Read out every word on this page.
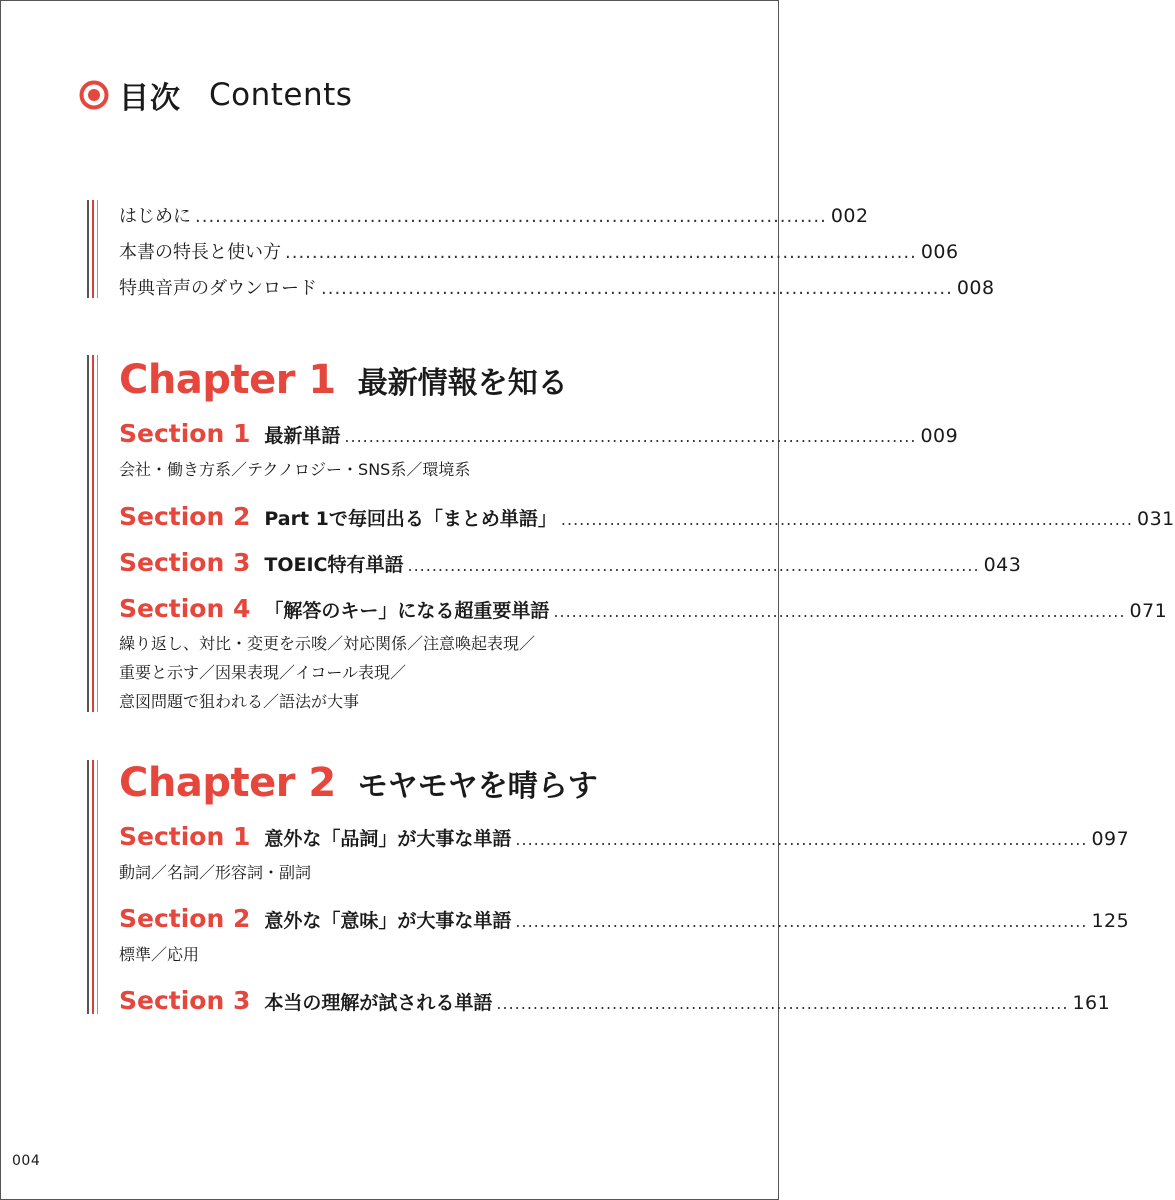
目次 Contents
はじめに .............................................................................................. 002
本書の特長と使い方 .............................................................................................. 006
特典音声のダウンロード .............................................................................................. 008
Chapter 1 最新情報を知る
Section 1 最新単語 .............................................................................................. 009
会社・働き方系／テクノロジー・SNS系／環境系
Section 2 Part 1で毎回出る「まとめ単語」 .............................................................................................. 031
Section 3 TOEIC特有単語 .............................................................................................. 043
Section 4 「解答のキー」になる超重要単語 .............................................................................................. 071
繰り返し、対比・変更を示唆／対応関係／注意喚起表現／
重要と示す／因果表現／イコール表現／
意図問題で狙われる／語法が大事
Chapter 2 モヤモヤを晴らす
Section 1 意外な「品詞」が大事な単語 .............................................................................................. 097
動詞／名詞／形容詞・副詞
Section 2 意外な「意味」が大事な単語 .............................................................................................. 125
標準／応用
Section 3 本当の理解が試される単語 .............................................................................................. 161
004
